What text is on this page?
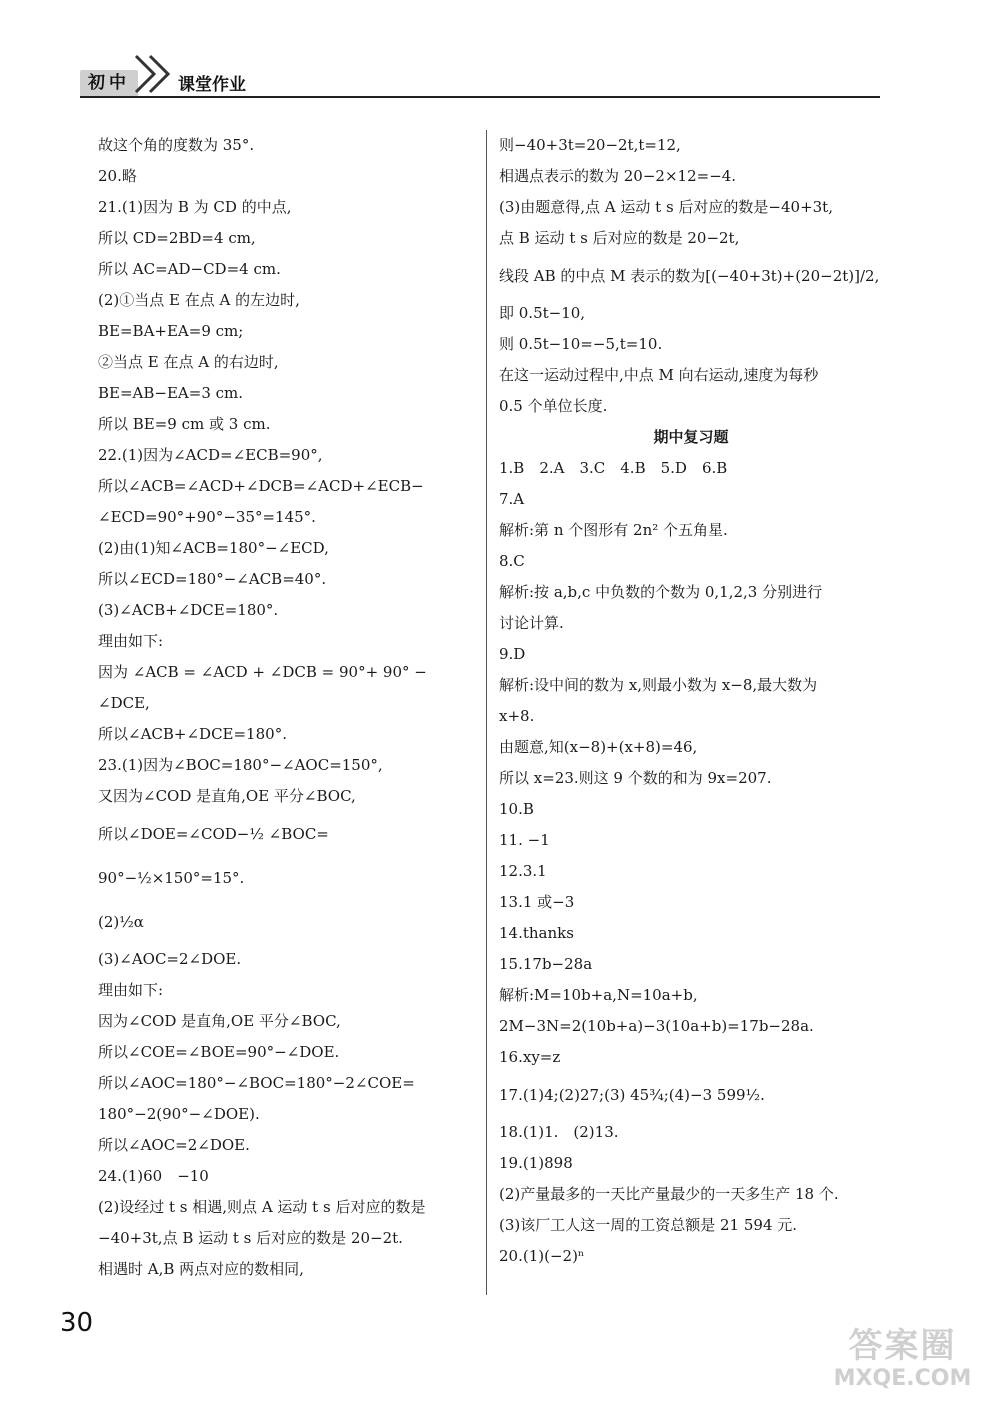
初中	课堂作业
故这个角的度数为 35°.
20.略
21.(1)因为 B 为 CD 的中点,
所以 CD=2BD=4 cm,
所以 AC=AD−CD=4 cm.
(2)①当点 E 在点 A 的左边时,
BE=BA+EA=9 cm;
②当点 E 在点 A 的右边时,
BE=AB−EA=3 cm.
所以 BE=9 cm 或 3 cm.
22.(1)因为∠ACD=∠ECB=90°,
所以∠ACB=∠ACD+∠DCB=∠ACD+∠ECB−
∠ECD=90°+90°−35°=145°.
(2)由(1)知∠ACB=180°−∠ECD,
所以∠ECD=180°−∠ACB=40°.
(3)∠ACB+∠DCE=180°.
理由如下:
因为 ∠ACB = ∠ACD + ∠DCB = 90°+ 90° −
∠DCE,
所以∠ACB+∠DCE=180°.
23.(1)因为∠BOC=180°−∠AOC=150°,
又因为∠COD 是直角,OE 平分∠BOC,
所以∠DOE=∠COD−½ ∠BOC=
90°−½×150°=15°.
(2)½α
(3)∠AOC=2∠DOE.
理由如下:
因为∠COD 是直角,OE 平分∠BOC,
所以∠COE=∠BOE=90°−∠DOE.
所以∠AOC=180°−∠BOC=180°−2∠COE=
180°−2(90°−∠DOE).
所以∠AOC=2∠DOE.
24.(1)60　−10
(2)设经过 t s 相遇,则点 A 运动 t s 后对应的数是
−40+3t,点 B 运动 t s 后对应的数是 20−2t.
相遇时 A,B 两点对应的数相同,
则−40+3t=20−2t,t=12,
相遇点表示的数为 20−2×12=−4.
(3)由题意得,点 A 运动 t s 后对应的数是−40+3t,
点 B 运动 t s 后对应的数是 20−2t,
线段 AB 的中点 M 表示的数为[(−40+3t)+(20−2t)]/2,
即 0.5t−10,
则 0.5t−10=−5,t=10.
在这一运动过程中,中点 M 向右运动,速度为每秒
0.5 个单位长度.
期中复习题
1.B　2.A　3.C　4.B　5.D　6.B
7.A
解析:第 n 个图形有 2n² 个五角星.
8.C
解析:按 a,b,c 中负数的个数为 0,1,2,3 分别进行
讨论计算.
9.D
解析:设中间的数为 x,则最小数为 x−8,最大数为
x+8.
由题意,知(x−8)+(x+8)=46,
所以 x=23.则这 9 个数的和为 9x=207.
10.B
11. −1
12.3.1
13.1 或−3
14.thanks
15.17b−28a
解析:M=10b+a,N=10a+b,
2M−3N=2(10b+a)−3(10a+b)=17b−28a.
16.xy=z
17.(1)4;(2)27;(3) 45¾;(4)−3 599½.
18.(1)1.　(2)13.
19.(1)898
(2)产量最多的一天比产量最少的一天多生产 18 个.
(3)该厂工人这一周的工资总额是 21 594 元.
20.(1)(−2)ⁿ
30
答案圈
MXQE.COM
